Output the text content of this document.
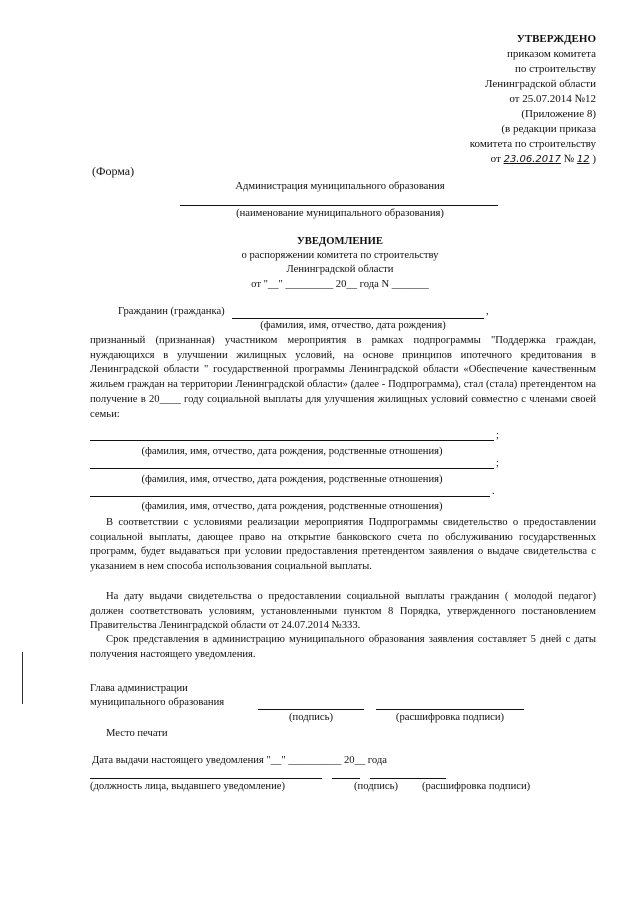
УТВЕРЖДЕНО
приказом комитета
по строительству
Ленинградской области
от 25.07.2014 №12
(Приложение 8)
(в редакции приказа
комитета по строительству
от 23.06.2017 № 12 )
(Форма)
Администрация муниципального образования
(наименование муниципального образования)
УВЕДОМЛЕНИЕ
о распоряжении комитета по строительству
Ленинградской области
от "__" _________ 20__ года N _______
Гражданин (гражданка)	,
(фамилия, имя, отчество, дата рождения)
признанный (признанная) участником мероприятия в рамках подпрограммы "Поддержка граждан, нуждающихся в улучшении жилищных условий, на основе принципов ипотечного кредитования в Ленинградской области " государственной программы Ленинградской области «Обеспечение качественным жильем граждан на территории Ленинградской области» (далее - Подпрограмма), стал (стала) претендентом на получение в 20____ году социальной выплаты для улучшения жилищных условий совместно с членами своей семьи:
;
(фамилия, имя, отчество, дата рождения, родственные отношения)
;
(фамилия, имя, отчество, дата рождения, родственные отношения)
.
(фамилия, имя, отчество, дата рождения, родственные отношения)
В соответствии с условиями реализации мероприятия Подпрограммы свидетельство о предоставлении социальной выплаты, дающее право на открытие банковского счета по обслуживанию государственных программ, будет выдаваться при условии предоставления претендентом заявления о выдаче свидетельства с указанием в нем способа использования социальной выплаты.
На дату выдачи свидетельства о предоставлении социальной выплаты гражданин ( молодой педагог) должен соответствовать условиям, установленными пунктом 8 Порядка, утвержденного постановлением Правительства Ленинградской области от 24.07.2014 №333.
Срок представления в администрацию муниципального образования заявления составляет 5 дней с даты получения настоящего уведомления.
Глава администрации
муниципального образования
(подпись)	(расшифровка подписи)
Место печати
Дата выдачи настоящего уведомления "__" __________ 20__ года
(должность лица, выдавшего уведомление)	(подпись) (расшифровка подписи)
